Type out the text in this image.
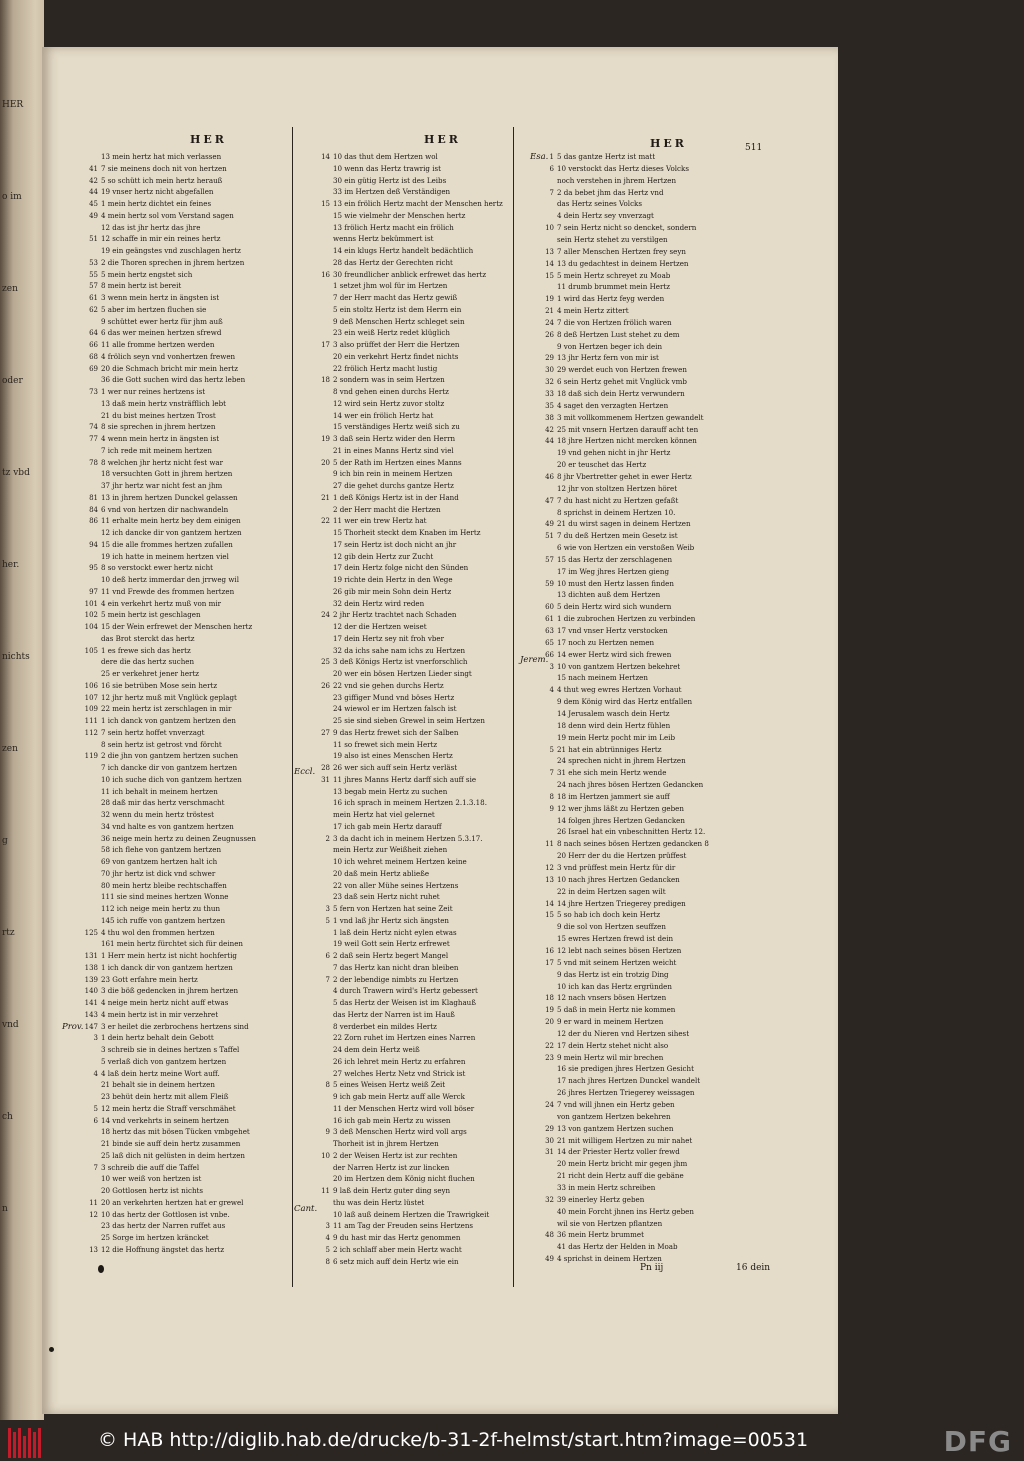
HER
o im
zen
oder
tz vbd
her.
nichts
zen
g
rtz
vnd
ch
n
HER	HER	HER	511
13 mein hertz hat mich verlassen
41 7 sie meinens doch nit von hertzen
42 5 so schütt ich mein hertz herauß
44 19 vnser hertz nicht abgefallen
45 1 mein hertz dichtet ein feines
49 4 mein hertz sol vom Verstand sagen
12 das ist jhr hertz das jhre
51 12 schaffe in mir ein reines hertz
19 ein geängstes vnd zuschlagen hertz
53 2 die Thoren sprechen in jhrem hertzen
55 5 mein hertz engstet sich
57 8 mein hertz ist bereit
61 3 wenn mein hertz in ängsten ist
62 5 aber im hertzen fluchen sie
9 schüttet ewer hertz für jhm auß
64 6 das wer meinen hertzen sfrewd
66 11 alle fromme hertzen werden
68 4 frölich seyn vnd vonhertzen frewen
69 20 die Schmach bricht mir mein hertz
36 die Gott suchen wird das hertz leben
73 1 wer nur reines hertzens ist
13 daß mein hertz vnsträfflich lebt
21 du bist meines hertzen Trost
74 8 sie sprechen in jhrem hertzen
77 4 wenn mein hertz in ängsten ist
7 ich rede mit meinem hertzen
78 8 welchen jhr hertz nicht fest war
18 versuchten Gott in jhrem hertzen
37 jhr hertz war nicht fest an jhm
81 13 in jhrem hertzen Dunckel gelassen
84 6 vnd von hertzen dir nachwandeln
86 11 erhalte mein hertz bey dem einigen
12 ich dancke dir von gantzem hertzen
94 15 die alle frommes hertzen zufallen
19 ich hatte in meinem hertzen viel
95 8 so verstockt ewer hertz nicht
10 deß hertz immerdar den jrrweg wil
97 11 vnd Frewde des frommen hertzen
101 4 ein verkehrt hertz muß von mir
102 5 mein hertz ist geschlagen
104 15 der Wein erfrewet der Menschen hertz
das Brot sterckt das hertz
105 1 es frewe sich das hertz
dere die das hertz suchen
25 er verkehret jener hertz
106 16 sie betrüben Mose sein hertz
107 12 jhr hertz muß mit Vnglück geplagt
109 22 mein hertz ist zerschlagen in mir
111 1 ich danck von gantzem hertzen den
112 7 sein hertz hoffet vnverzagt
8 sein hertz ist getrost vnd förcht
119 2 die jhn von gantzem hertzen suchen
7 ich dancke dir von gantzem hertzen
10 ich suche dich von gantzem hertzen
11 ich behalt in meinem hertzen
28 daß mir das hertz verschmacht
32 wenn du mein hertz tröstest
34 vnd halte es von gantzem hertzen
36 neige mein hertz zu deinen Zeugnussen
58 ich flehe von gantzem hertzen
69 von gantzem hertzen halt ich
70 jhr hertz ist dick vnd schwer
80 mein hertz bleibe rechtschaffen
111 sie sind meines hertzen Wonne
112 ich neige mein hertz zu thun
145 ich ruffe von gantzem hertzen
125 4 thu wol den frommen hertzen
161 mein hertz fürchtet sich für deinen
131 1 Herr mein hertz ist nicht hochfertig
138 1 ich danck dir von gantzem hertzen
139 23 Gott erfahre mein hertz
140 3 die böß gedencken in jhrem hertzen
141 4 neige mein hertz nicht auff etwas
143 4 mein hertz ist in mir verzehret
147 3 er heilet die zerbrochens hertzens sind
3 1 dein hertz behalt dein Gebott
3 schreib sie in deines hertzen s Taffel
5 verlaß dich von gantzem hertzen
4 4 laß dein hertz meine Wort auff.
21 behalt sie in deinem hertzen
23 behüt dein hertz mit allem Fleiß
5 12 mein hertz die Straff verschmähet
6 14 vnd verkehrts in seinem hertzen
18 hertz das mit bösen Tücken vmbgehet
21 binde sie auff dein hertz zusammen
25 laß dich nit gelüsten in deim hertzen
7 3 schreib die auff die Taffel
10 wer weiß von hertzen ist
20 Gottlosen hertz ist nichts
11 20 an verkehrten hertzen hat er grewel
12 10 das hertz der Gottlosen ist vnbe.
23 das hertz der Narren ruffet aus
25 Sorge im hertzen kräncket
13 12 die Hoffnung ängstet das hertz
14 10 das thut dem Hertzen wol
10 wenn das Hertz trawrig ist
30 ein gütig Hertz ist des Leibs
33 im Hertzen deß Verständigen
15 13 ein frölich Hertz macht der Menschen hertz
15 wie vielmehr der Menschen hertz
13 frölich Hertz macht ein frölich
wenns Hertz bekümmert ist
14 ein klugs Hertz handelt bedächtlich
28 das Hertz der Gerechten richt
16 30 freundlicher anblick erfrewet das hertz
1 setzet jhm wol für im Hertzen
7 der Herr macht das Hertz gewiß
5 ein stoltz Hertz ist dem Herrn ein
9 deß Menschen Hertz schleget sein
23 ein weiß Hertz redet klüglich
17 3 also prüffet der Herr die Hertzen
20 ein verkehrt Hertz findet nichts
22 frölich Hertz macht lustig
18 2 sondern was in seim Hertzen
8 vnd gehen einen durchs Hertz
12 wird sein Hertz zuvor stoltz
14 wer ein frölich Hertz hat
15 verständiges Hertz weiß sich zu
19 3 daß sein Hertz wider den Herrn
21 in eines Manns Hertz sind viel
20 5 der Rath im Hertzen eines Manns
9 ich bin rein in meinem Hertzen
27 die gehet durchs gantze Hertz
21 1 deß Königs Hertz ist in der Hand
2 der Herr macht die Hertzen
22 11 wer ein trew Hertz hat
15 Thorheit steckt dem Knaben im Hertz
17 sein Hertz ist doch nicht an jhr
12 gib dein Hertz zur Zucht
17 dein Hertz folge nicht den Sünden
19 richte dein Hertz in den Wege
26 gib mir mein Sohn dein Hertz
32 dein Hertz wird reden
24 2 jhr Hertz trachtet nach Schaden
12 der die Hertzen weiset
17 dein Hertz sey nit froh vber
32 da ichs sahe nam ichs zu Hertzen
25 3 deß Königs Hertz ist vnerforschlich
20 wer ein bösen Hertzen Lieder singt
26 22 vnd sie gehen durchs Hertz
23 giffiger Mund vnd böses Hertz
24 wiewol er im Hertzen falsch ist
25 sie sind sieben Grewel in seim Hertzen
27 9 das Hertz frewet sich der Salben
11 so frewet sich mein Hertz
19 also ist eines Menschen Hertz
28 26 wer sich auff sein Hertz verläst
31 11 jhres Manns Hertz darff sich auff sie
13 begab mein Hertz zu suchen
16 ich sprach in meinem Hertzen 2.1.3.18.
mein Hertz hat viel gelernet
17 ich gab mein Hertz darauff
2 3 da dacht ich in meinem Hertzen 5.3.17.
mein Hertz zur Weißheit ziehen
10 ich wehret meinem Hertzen keine
20 daß mein Hertz abließe
22 von aller Mühe seines Hertzens
23 daß sein Hertz nicht ruhet
3 5 fern von Hertzen hat seine Zeit
5 1 vnd laß jhr Hertz sich ängsten
1 laß dein Hertz nicht eylen etwas
19 weil Gott sein Hertz erfrewet
6 2 daß sein Hertz begert Mangel
7 das Hertz kan nicht dran bleiben
7 2 der lebendige nimbts zu Hertzen
4 durch Trawern wird's Hertz gebessert
5 das Hertz der Weisen ist im Klaghauß
das Hertz der Narren ist im Hauß
8 verderbet ein mildes Hertz
22 Zorn ruhet im Hertzen eines Narren
24 dem dein Hertz weiß
26 ich lehret mein Hertz zu erfahren
27 welches Hertz Netz vnd Strick ist
8 5 eines Weisen Hertz weiß Zeit
9 ich gab mein Hertz auff alle Werck
11 der Menschen Hertz wird voll böser
16 ich gab mein Hertz zu wissen
9 3 deß Menschen Hertz wird voll args
Thorheit ist in jhrem Hertzen
10 2 der Weisen Hertz ist zur rechten
der Narren Hertz ist zur lincken
20 im Hertzen dem König nicht fluchen
11 9 laß dein Hertz guter ding seyn
thu was dein Hertz lüstet
10 laß auß deinem Hertzen die Trawrigkeit
3 11 am Tag der Freuden seins Hertzens
4 9 du hast mir das Hertz genommen
5 2 ich schlaff aber mein Hertz wacht
8 6 setz mich auff dein Hertz wie ein
1 5 das gantze Hertz ist matt
6 10 verstockt das Hertz dieses Volcks
noch verstehen in jhrem Hertzen
7 2 da bebet jhm das Hertz vnd
das Hertz seines Volcks
4 dein Hertz sey vnverzagt
10 7 sein Hertz nicht so dencket, sondern
sein Hertz stehet zu verstilgen
13 7 aller Menschen Hertzen frey seyn
14 13 du gedachtest in deinem Hertzen
15 5 mein Hertz schreyet zu Moab
11 drumb brummet mein Hertz
19 1 wird das Hertz feyg werden
21 4 mein Hertz zittert
24 7 die von Hertzen frölich waren
26 8 deß Hertzen Lust stehet zu dem
9 von Hertzen beger ich dein
29 13 jhr Hertz fern von mir ist
30 29 werdet euch von Hertzen frewen
32 6 sein Hertz gehet mit Vnglück vmb
33 18 daß sich dein Hertz verwundern
35 4 saget den verzagten Hertzen
38 3 mit vollkommenem Hertzen gewandelt
42 25 mit vnsern Hertzen darauff acht ten
44 18 jhre Hertzen nicht mercken können
19 vnd gehen nicht in jhr Hertz
20 er teuschet das Hertz
46 8 jhr Vbertretter gehet in ewer Hertz
12 jhr von stoltzen Hertzen höret
47 7 du hast nicht zu Hertzen gefaßt
8 sprichst in deinem Hertzen 10.
49 21 du wirst sagen in deinem Hertzen
51 7 du deß Hertzen mein Gesetz ist
6 wie von Hertzen ein verstoßen Weib
57 15 das Hertz der zerschlagenen
17 im Weg jhres Hertzen gieng
59 10 must den Hertz lassen finden
13 dichten auß dem Hertzen
60 5 dein Hertz wird sich wundern
61 1 die zubrochen Hertzen zu verbinden
63 17 vnd vnser Hertz verstocken
65 17 noch zu Hertzen nemen
66 14 ewer Hertz wird sich frewen
3 10 von gantzem Hertzen bekehret
15 nach meinem Hertzen
4 4 thut weg ewres Hertzen Vorhaut
9 dem König wird das Hertz entfallen
14 Jerusalem wasch dein Hertz
18 denn wird dein Hertz fühlen
19 mein Hertz pocht mir im Leib
5 21 hat ein abtrünniges Hertz
24 sprechen nicht in jhrem Hertzen
7 31 ehe sich mein Hertz wende
24 nach jhres bösen Hertzen Gedancken
8 18 im Hertzen jammert sie auff
9 12 wer jhms läßt zu Hertzen geben
14 folgen jhres Hertzen Gedancken
26 Israel hat ein vnbeschnitten Hertz 12.
11 8 nach seines bösen Hertzen gedancken 8
20 Herr der du die Hertzen prüffest
12 3 vnd prüffest mein Hertz für dir
13 10 nach jhres Hertzen Gedancken
22 in deim Hertzen sagen wilt
14 14 jhre Hertzen Triegerey predigen
15 5 so hab ich doch kein Hertz
9 die sol von Hertzen seuffzen
15 ewres Hertzen frewd ist dein
16 12 lebt nach seines bösen Hertzen
17 5 vnd mit seinem Hertzen weicht
9 das Hertz ist ein trotzig Ding
10 ich kan das Hertz ergründen
18 12 nach vnsers bösen Hertzen
19 5 daß in mein Hertz nie kommen
20 9 er ward in meinem Hertzen
12 der du Nieren vnd Hertzen sihest
22 17 dein Hertz stehet nicht also
23 9 mein Hertz wil mir brechen
16 sie predigen jhres Hertzen Gesicht
17 nach jhres Hertzen Dunckel wandelt
26 jhres Hertzen Triegerey weissagen
24 7 vnd will jhnen ein Hertz geben
von gantzem Hertzen bekehren
29 13 von gantzem Hertzen suchen
30 21 mit willigem Hertzen zu mir nahet
31 14 der Priester Hertz voller frewd
20 mein Hertz bricht mir gegen jhm
21 richt dein Hertz auff die gebäne
33 in mein Hertz schreiben
32 39 einerley Hertz geben
40 mein Forcht jhnen ins Hertz geben
wil sie von Hertzen pflantzen
48 36 mein Hertz brummet
41 das Hertz der Helden in Moab
49 4 sprichst in deinem Hertzen
Prov.
Eccl.
Cant.
Esa.
Jerem.
Pn iij	16 dein
© HAB http://diglib.hab.de/drucke/b-31-2f-helmst/start.htm?image=00531	DFG
